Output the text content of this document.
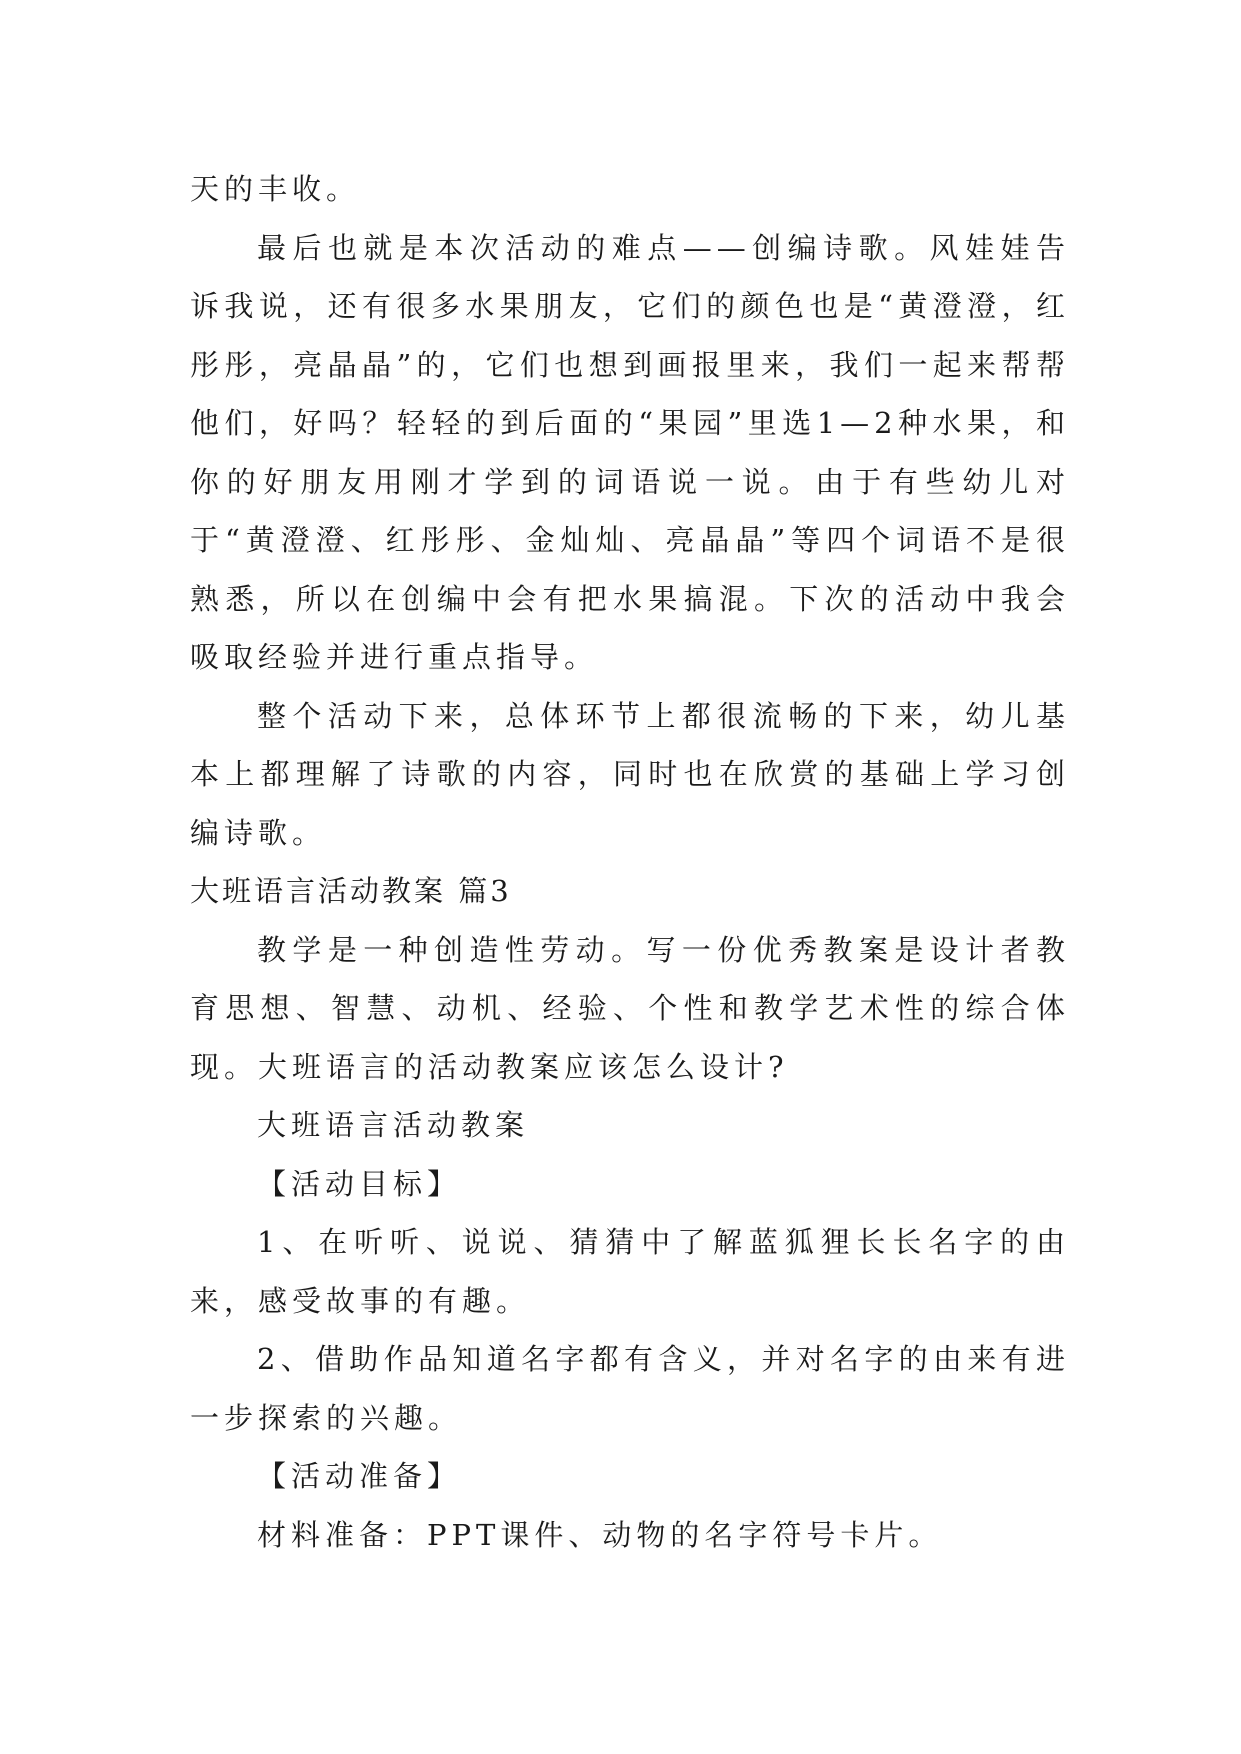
天的丰收。

最后也就是本次活动的难点——创编诗歌。风娃娃告诉我说，还有很多水果朋友，它们的颜色也是“黄澄澄，红彤彤，亮晶晶”的，它们也想到画报里来，我们一起来帮帮他们，好吗？轻轻的到后面的“果园”里选1—2种水果，和你的好朋友用刚才学到的词语说一说。由于有些幼儿对于“黄澄澄、红彤彤、金灿灿、亮晶晶”等四个词语不是很熟悉，所以在创编中会有把水果搞混。下次的活动中我会吸取经验并进行重点指导。

整个活动下来，总体环节上都很流畅的下来，幼儿基本上都理解了诗歌的内容，同时也在欣赏的基础上学习创编诗歌。

大班语言活动教案 篇3

教学是一种创造性劳动。写一份优秀教案是设计者教育思想、智慧、动机、经验、个性和教学艺术性的综合体现。大班语言的活动教案应该怎么设计?

大班语言活动教案

【活动目标】

1、在听听、说说、猜猜中了解蓝狐狸长长名字的由来，感受故事的有趣。

2、借助作品知道名字都有含义，并对名字的由来有进一步探索的兴趣。

【活动准备】

材料准备：PPT课件、动物的名字符号卡片。
